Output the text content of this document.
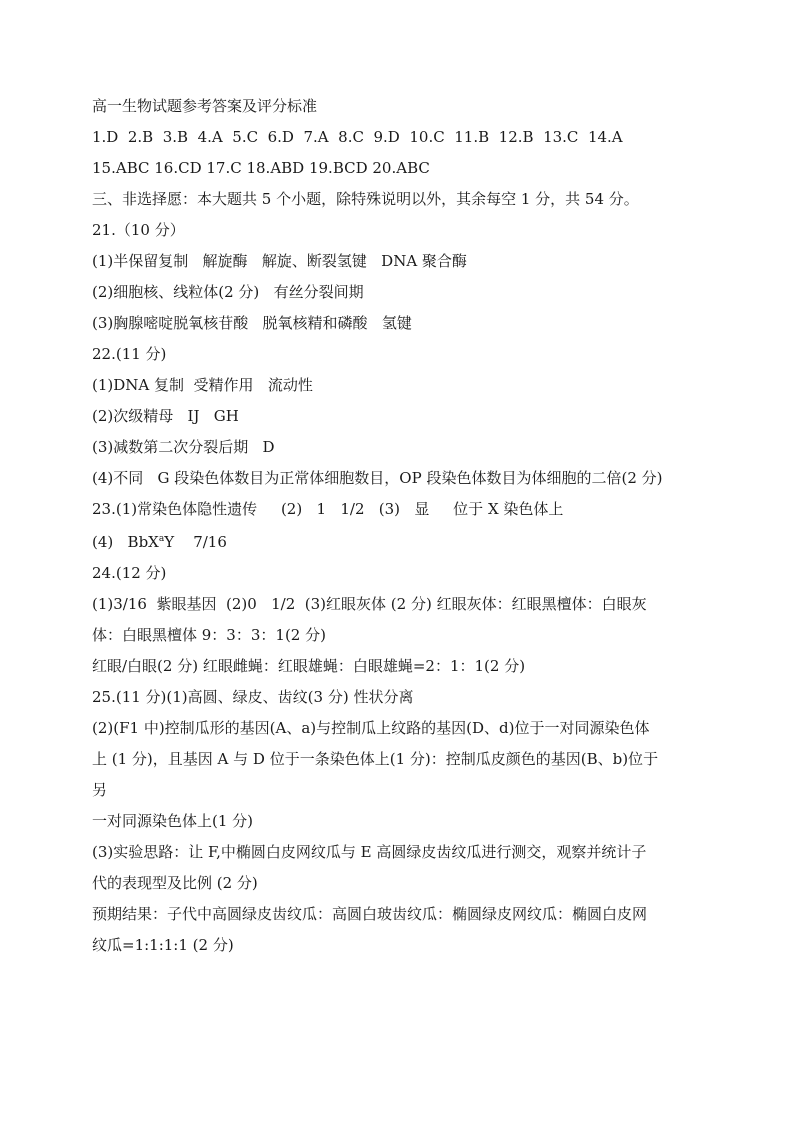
高一生物试题参考答案及评分标准
1.D  2.B  3.B  4.A  5.C  6.D  7.A  8.C  9.D  10.C  11.B  12.B  13.C  14.A
15.ABC 16.CD 17.C 18.ABD 19.BCD 20.ABC
三、非选择愿：本大题共 5 个小题，除特殊说明以外，其余每空 1 分，共 54 分。
21.（10 分）
(1)半保留复制   解旋酶   解旋、断裂氢键   DNA 聚合酶
(2)细胞核、线粒体(2 分)   有丝分裂间期
(3)胸腺嘧啶脱氧核苷酸   脱氧核精和磷酸   氢键
22.(11 分)
(1)DNA 复制  受精作用   流动性
(2)次级精母   IJ   GH
(3)减数第二次分裂后期   D
(4)不同   G 段染色体数目为正常体细胞数目，OP 段染色体数目为体细胞的二倍(2 分)
23.(1)常染色体隐性遗传     (2)   1   1/2   (3)   显     位于 X 染色体上
(4)   BbX$^a$Y    7/16
24.(12 分)
(1)3/16  紫眼基因  (2)0   1/2  (3)红眼灰体 (2 分) 红眼灰体：红眼黑檀体：白眼灰
体：白眼黑檀体 9：3：3：1(2 分)
红眼/白眼(2 分) 红眼雌蝇：红眼雄蝇：白眼雄蝇=2：1：1(2 分)
25.(11 分)(1)高圆、绿皮、齿纹(3 分) 性状分离
(2)(F1 中)控制瓜形的基因(A、a)与控制瓜上纹路的基因(D、d)位于一对同源染色体
上 (1 分)，且基因 A 与 D 位于一条染色体上(1 分)：控制瓜皮颜色的基因(B、b)位于
另
一对同源染色体上(1 分)
(3)实验思路：让 F,中椭圆白皮网纹瓜与 E 高圆绿皮齿纹瓜进行测交，观察并统计子
代的表现型及比例 (2 分)
预期结果：子代中高圆绿皮齿纹瓜：高圆白玻齿纹瓜：椭圆绿皮网纹瓜：椭圆白皮网
纹瓜=1:1:1:1 (2 分)
